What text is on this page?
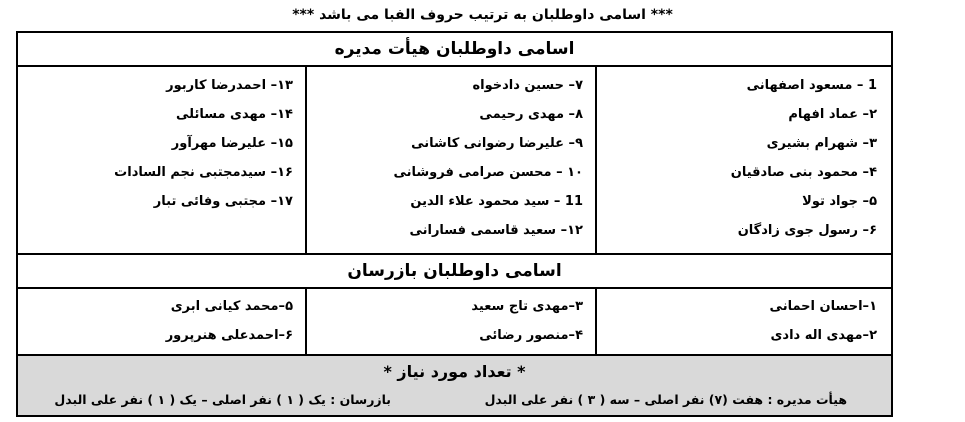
*** اسامی داوطلبان به ترتیب حروف الفبا می باشد ***
اسامی داوطلبان هیأت مدیره
1 – مسعود اصفهانی
۲– عماد افهام
۳– شهرام بشیری
۴– محمود بنی صادقیان
۵– جواد تولا
۶– رسول جوی زادگان
۷– حسین دادخواه
۸– مهدی رحیمی
۹– علیرضا رضوانی کاشانی
۱۰ – محسن صرامی فروشانی
11 – سید محمود علاء الدین
۱۲– سعید قاسمی فسارانی
۱۳– احمدرضا کاربور
۱۴– مهدی مسائلی
۱۵– علیرضا مهرآور
۱۶– سیدمجتبی نجم السادات
۱۷– مجتبی وفائی تبار
اسامی داوطلبان بازرسان
۱–احسان احمانی
۲–مهدی اله دادی
۳–مهدی تاج سعید
۴–منصور رضائی
۵–محمد کیانی ابری
۶–احمدعلی هنرپرور
* تعداد مورد نیاز *
هیأت مدیره : هفت (۷) نفر اصلی – سه ( ۳ ) نفر علی البدل
بازرسان : یک ( ۱ ) نفر اصلی – یک ( ۱ ) نفر علی البدل
